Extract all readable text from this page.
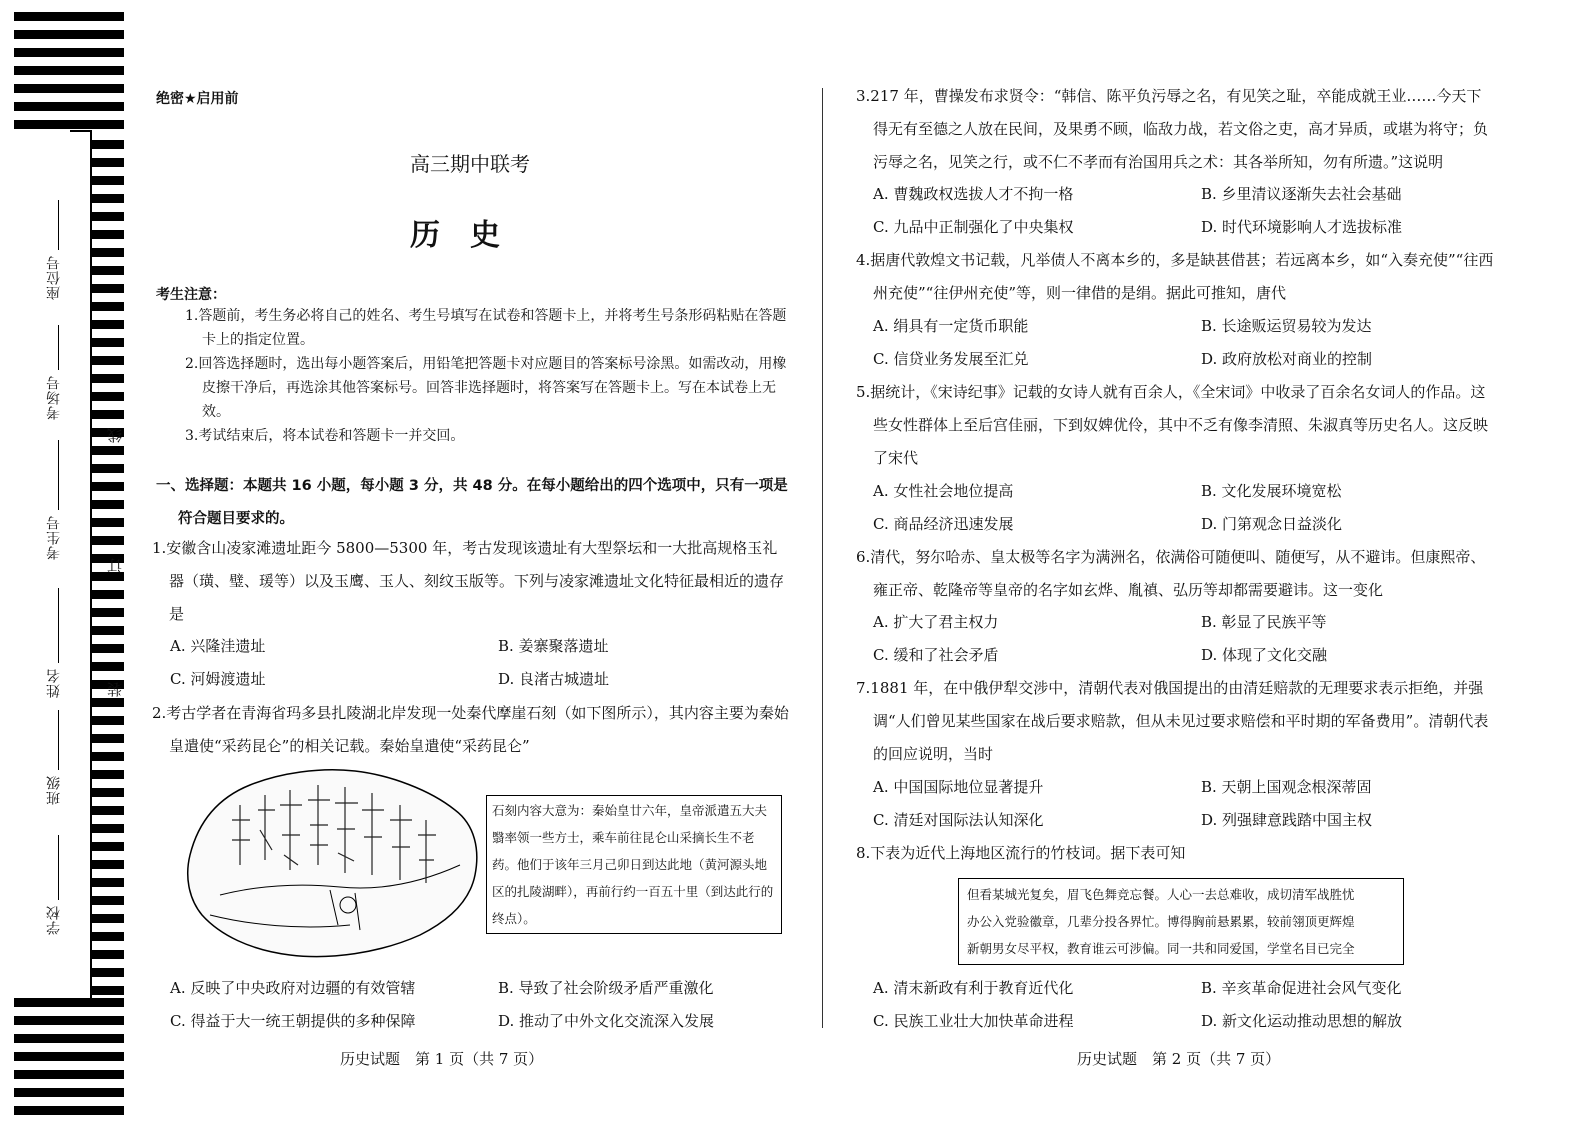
座位号
考场号
考生号
姓名
班级
学校
线
订
装
绝密★启用前
高三期中联考
历史
考生注意：
1.答题前，考生务必将自己的姓名、考生号填写在试卷和答题卡上，并将考生号条形码粘贴在答题卡上的指定位置。
2.回答选择题时，选出每小题答案后，用铅笔把答题卡对应题目的答案标号涂黑。如需改动，用橡皮擦干净后，再选涂其他答案标号。回答非选择题时，将答案写在答题卡上。写在本试卷上无效。
3.考试结束后，将本试卷和答题卡一并交回。
一、选择题：本题共 16 小题，每小题 3 分，共 48 分。在每小题给出的四个选项中，只有一项是
符合题目要求的。
1.安徽含山凌家滩遗址距今 5800—5300 年，考古发现该遗址有大型祭坛和一大批高规格玉礼器（璜、璧、瑗等）以及玉鹰、玉人、刻纹玉版等。下列与凌家滩遗址文化特征最相近的遗存是
A. 兴隆洼遗址	B. 姜寨聚落遗址
C. 河姆渡遗址	D. 良渚古城遗址
2.考古学者在青海省玛多县扎陵湖北岸发现一处秦代摩崖石刻（如下图所示），其内容主要为秦始皇遣使“采药昆仑”的相关记载。秦始皇遣使“采药昆仑”
石刻内容大意为：秦始皇廿六年，皇帝派遣五大夫翳率领一些方士，乘车前往昆仑山采摘长生不老药。他们于该年三月己卯日到达此地（黄河源头地区的扎陵湖畔），再前行约一百五十里（到达此行的终点）。
A. 反映了中央政府对边疆的有效管辖	B. 导致了社会阶级矛盾严重激化
C. 得益于大一统王朝提供的多种保障	D. 推动了中外文化交流深入发展
历史试题　第 1 页（共 7 页）
3.217 年，曹操发布求贤令：“韩信、陈平负污辱之名，有见笑之耻，卒能成就王业……今天下得无有至德之人放在民间，及果勇不顾，临敌力战，若文俗之吏，高才异质，或堪为将守；负污辱之名，见笑之行，或不仁不孝而有治国用兵之术：其各举所知，勿有所遗。”这说明
A. 曹魏政权选拔人才不拘一格	B. 乡里清议逐渐失去社会基础
C. 九品中正制强化了中央集权	D. 时代环境影响人才选拔标准
4.据唐代敦煌文书记载，凡举债人不离本乡的，多是缺甚借甚；若远离本乡，如“入奏充使”“往西州充使”“往伊州充使”等，则一律借的是绢。据此可推知，唐代
A. 绢具有一定货币职能	B. 长途贩运贸易较为发达
C. 信贷业务发展至汇兑	D. 政府放松对商业的控制
5.据统计，《宋诗纪事》记载的女诗人就有百余人，《全宋词》中收录了百余名女词人的作品。这些女性群体上至后宫佳丽，下到奴婢优伶，其中不乏有像李清照、朱淑真等历史名人。这反映了宋代
A. 女性社会地位提高	B. 文化发展环境宽松
C. 商品经济迅速发展	D. 门第观念日益淡化
6.清代，努尔哈赤、皇太极等名字为满洲名，依满俗可随便叫、随便写，从不避讳。但康熙帝、雍正帝、乾隆帝等皇帝的名字如玄烨、胤禛、弘历等却都需要避讳。这一变化
A. 扩大了君主权力	B. 彰显了民族平等
C. 缓和了社会矛盾	D. 体现了文化交融
7.1881 年，在中俄伊犁交涉中，清朝代表对俄国提出的由清廷赔款的无理要求表示拒绝，并强调“人们曾见某些国家在战后要求赔款，但从未见过要求赔偿和平时期的军备费用”。清朝代表的回应说明，当时
A. 中国国际地位显著提升	B. 天朝上国观念根深蒂固
C. 清廷对国际法认知深化	D. 列强肆意践踏中国主权
8.下表为近代上海地区流行的竹枝词。据下表可知
但看某城光复矣，眉飞色舞竞忘餐。人心一去总难收，成切清军战胜忧
办公入党验徽章，几辈分投各界忙。博得胸前悬累累，较前翎顶更辉煌
新朝男女尽平权，教育谁云可涉偏。同一共和同爱国，学堂名目已完全
A. 清末新政有利于教育近代化	B. 辛亥革命促进社会风气变化
C. 民族工业壮大加快革命进程	D. 新文化运动推动思想的解放
历史试题　第 2 页（共 7 页）
